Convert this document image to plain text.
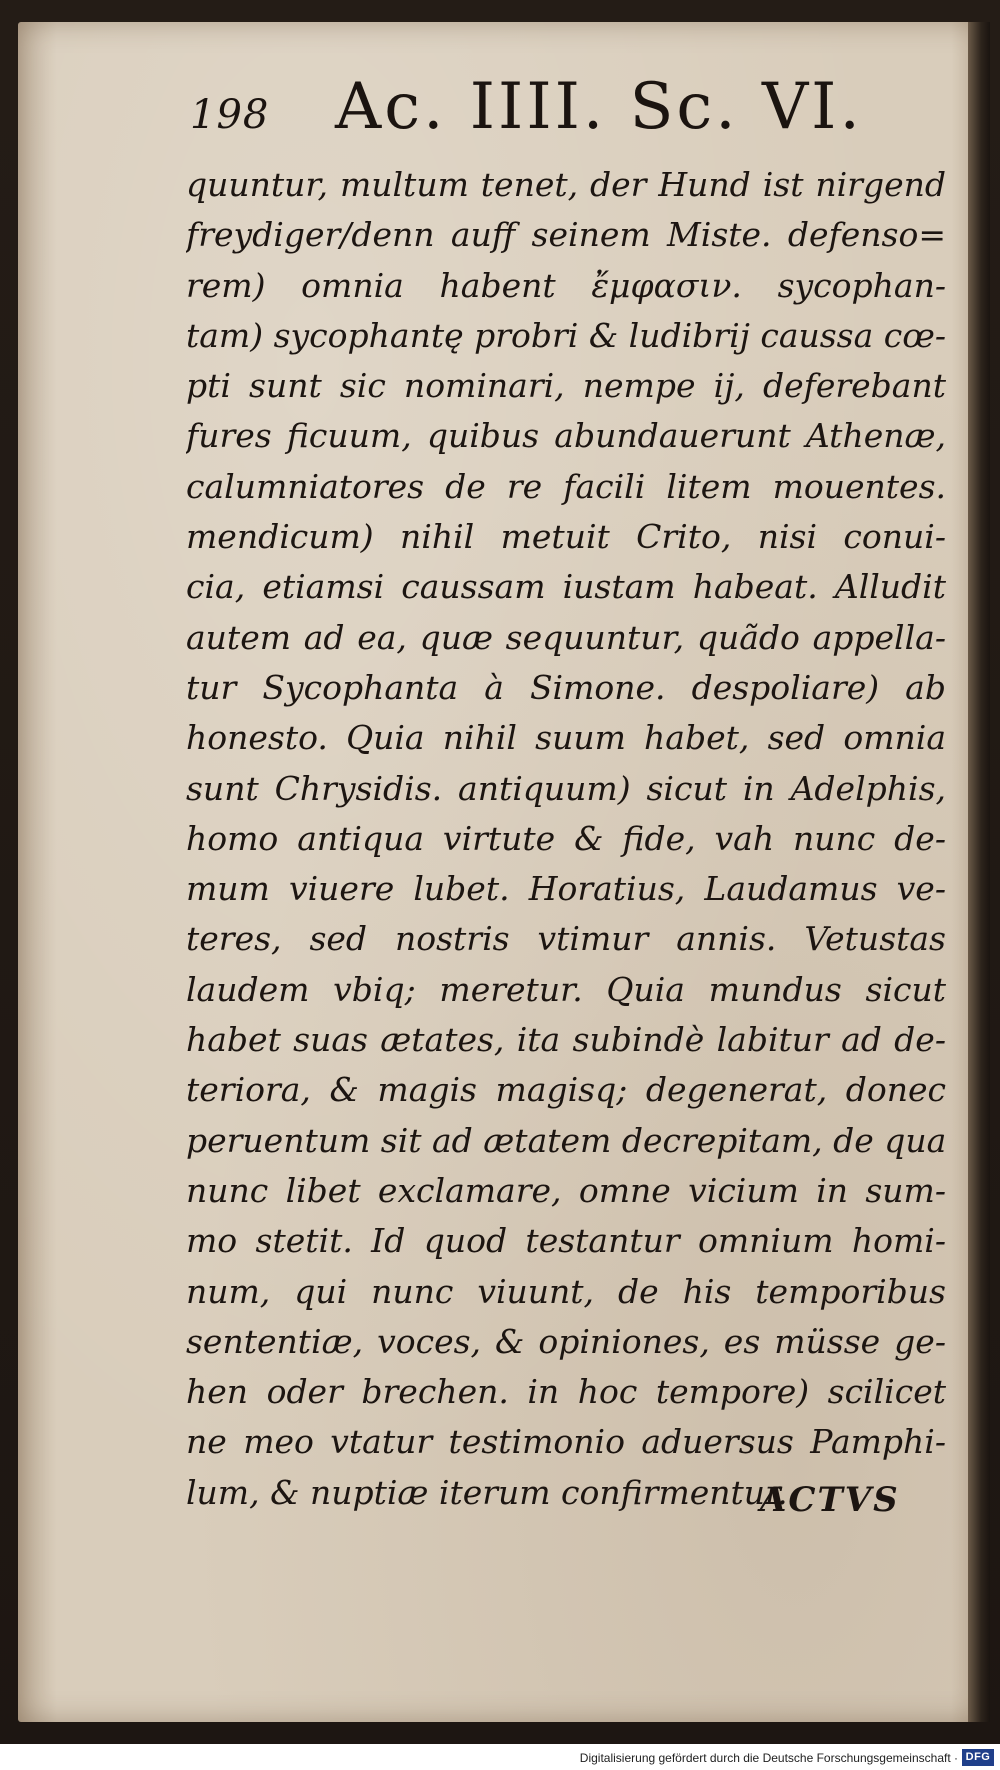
198 Ac. IIII. Sc. VI.
quuntur, multum tenet, der Hund ist nirgend
freydiger/denn auff seinem Miste. defenso=
rem) omnia habent ἔμφασιν. sycophan-
tam) sycophantę probri & ludibrij caussa cœ-
pti sunt sic nominari, nempe ij, deferebant
fures ficuum, quibus abundauerunt Athenæ,
calumniatores de re facili litem mouentes.
mendicum) nihil metuit Crito, nisi conui-
cia, etiamsi caussam iustam habeat. Alludit
autem ad ea, quæ sequuntur, quãdo appella-
tur Sycophanta à Simone. despoliare) ab
honesto. Quia nihil suum habet, sed omnia
sunt Chrysidis. antiquum) sicut in Adelphis,
homo antiqua virtute & fide, vah nunc de-
mum viuere lubet. Horatius, Laudamus ve-
teres, sed nostris vtimur annis. Vetustas
laudem vbiq; meretur. Quia mundus sicut
habet suas ætates, ita subindè labitur ad de-
teriora, & magis magisq; degenerat, donec
peruentum sit ad ætatem decrepitam, de qua
nunc libet exclamare, omne vicium in sum-
mo stetit. Id quod testantur omnium homi-
num, qui nunc viuunt, de his temporibus
sententiæ, voces, & opiniones, es müsse ge-
hen oder brechen. in hoc tempore) scilicet
ne meo vtatur testimonio aduersus Pamphi-
lum, & nuptiæ iterum confirmentur.
ACTVS
Digitalisierung gefördert durch die Deutsche Forschungsgemeinschaft · DFG
